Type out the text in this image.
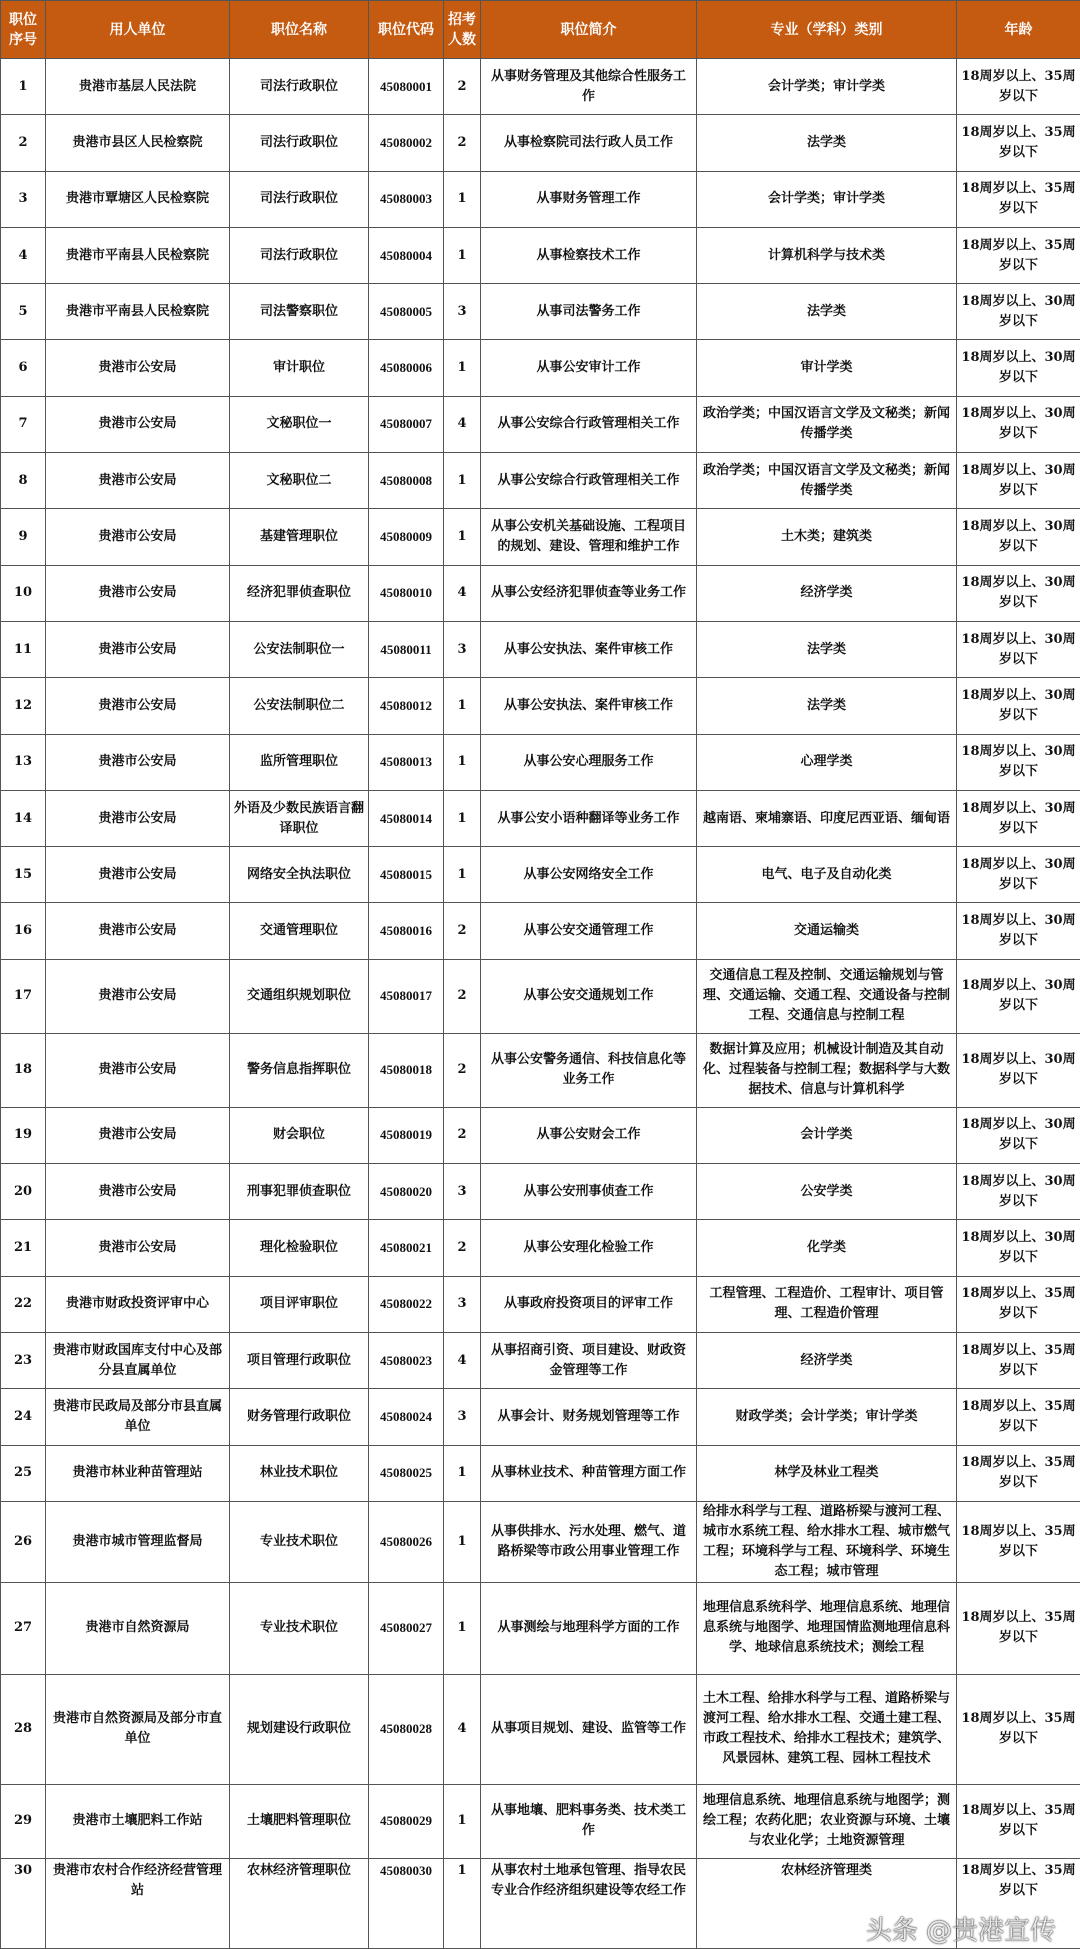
职位序号	用人单位	职位名称	职位代码	招考人数	职位简介	专业（学科）类别	年龄
1	贵港市基层人民法院	司法行政职位	45080001	2	从事财务管理及其他综合性服务工作	会计学类；审计学类	18周岁以上、35周岁以下
2	贵港市县区人民检察院	司法行政职位	45080002	2	从事检察院司法行政人员工作	法学类	18周岁以上、35周岁以下
3	贵港市覃塘区人民检察院	司法行政职位	45080003	1	从事财务管理工作	会计学类；审计学类	18周岁以上、35周岁以下
4	贵港市平南县人民检察院	司法行政职位	45080004	1	从事检察技术工作	计算机科学与技术类	18周岁以上、35周岁以下
5	贵港市平南县人民检察院	司法警察职位	45080005	3	从事司法警务工作	法学类	18周岁以上、30周岁以下
6	贵港市公安局	审计职位	45080006	1	从事公安审计工作	审计学类	18周岁以上、30周岁以下
7	贵港市公安局	文秘职位一	45080007	4	从事公安综合行政管理相关工作	政治学类；中国汉语言文学及文秘类；新闻传播学类	18周岁以上、30周岁以下
8	贵港市公安局	文秘职位二	45080008	1	从事公安综合行政管理相关工作	政治学类；中国汉语言文学及文秘类；新闻传播学类	18周岁以上、30周岁以下
9	贵港市公安局	基建管理职位	45080009	1	从事公安机关基础设施、工程项目的规划、建设、管理和维护工作	土木类；建筑类	18周岁以上、30周岁以下
10	贵港市公安局	经济犯罪侦查职位	45080010	4	从事公安经济犯罪侦查等业务工作	经济学类	18周岁以上、30周岁以下
11	贵港市公安局	公安法制职位一	45080011	3	从事公安执法、案件审核工作	法学类	18周岁以上、30周岁以下
12	贵港市公安局	公安法制职位二	45080012	1	从事公安执法、案件审核工作	法学类	18周岁以上、30周岁以下
13	贵港市公安局	监所管理职位	45080013	1	从事公安心理服务工作	心理学类	18周岁以上、30周岁以下
14	贵港市公安局	外语及少数民族语言翻译职位	45080014	1	从事公安小语种翻译等业务工作	越南语、柬埔寨语、印度尼西亚语、缅甸语	18周岁以上、30周岁以下
15	贵港市公安局	网络安全执法职位	45080015	1	从事公安网络安全工作	电气、电子及自动化类	18周岁以上、30周岁以下
16	贵港市公安局	交通管理职位	45080016	2	从事公安交通管理工作	交通运输类	18周岁以上、30周岁以下
17	贵港市公安局	交通组织规划职位	45080017	2	从事公安交通规划工作	交通信息工程及控制、交通运输规划与管理、交通运输、交通工程、交通设备与控制工程、交通信息与控制工程	18周岁以上、30周岁以下
18	贵港市公安局	警务信息指挥职位	45080018	2	从事公安警务通信、科技信息化等业务工作	数据计算及应用；机械设计制造及其自动化、过程装备与控制工程；数据科学与大数据技术、信息与计算机科学	18周岁以上、30周岁以下
19	贵港市公安局	财会职位	45080019	2	从事公安财会工作	会计学类	18周岁以上、30周岁以下
20	贵港市公安局	刑事犯罪侦查职位	45080020	3	从事公安刑事侦查工作	公安学类	18周岁以上、30周岁以下
21	贵港市公安局	理化检验职位	45080021	2	从事公安理化检验工作	化学类	18周岁以上、30周岁以下
22	贵港市财政投资评审中心	项目评审职位	45080022	3	从事政府投资项目的评审工作	工程管理、工程造价、工程审计、项目管理、工程造价管理	18周岁以上、35周岁以下
23	贵港市财政国库支付中心及部分县直属单位	项目管理行政职位	45080023	4	从事招商引资、项目建设、财政资金管理等工作	经济学类	18周岁以上、35周岁以下
24	贵港市民政局及部分市县直属单位	财务管理行政职位	45080024	3	从事会计、财务规划管理等工作	财政学类；会计学类；审计学类	18周岁以上、35周岁以下
25	贵港市林业种苗管理站	林业技术职位	45080025	1	从事林业技术、种苗管理方面工作	林学及林业工程类	18周岁以上、35周岁以下
26	贵港市城市管理监督局	专业技术职位	45080026	1	从事供排水、污水处理、燃气、道路桥梁等市政公用事业管理工作	给排水科学与工程、道路桥梁与渡河工程、城市水系统工程、给水排水工程、城市燃气工程；环境科学与工程、环境科学、环境生态工程；城市管理	18周岁以上、35周岁以下
27	贵港市自然资源局	专业技术职位	45080027	1	从事测绘与地理科学方面的工作	地理信息系统科学、地理信息系统、地理信息系统与地图学、地理国情监测地理信息科学、地球信息系统技术；测绘工程	18周岁以上、35周岁以下
28	贵港市自然资源局及部分市直单位	规划建设行政职位	45080028	4	从事项目规划、建设、监管等工作	土木工程、给排水科学与工程、道路桥梁与渡河工程、给水排水工程、交通土建工程、市政工程技术、给排水工程技术；建筑学、风景园林、建筑工程、园林工程技术	18周岁以上、35周岁以下
29	贵港市土壤肥料工作站	土壤肥料管理职位	45080029	1	从事地壤、肥料事务类、技术类工作	地理信息系统、地理信息系统与地图学；测绘工程；农药化肥；农业资源与环境、土壤与农业化学；土地资源管理	18周岁以上、35周岁以下
30	贵港市农村合作经济经营管理站	农林经济管理职位	45080030	1	从事农村土地承包管理、指导农民专业合作经济组织建设等农经工作	农林经济管理类	18周岁以上、35周岁以下
头条 @贵港宣传
